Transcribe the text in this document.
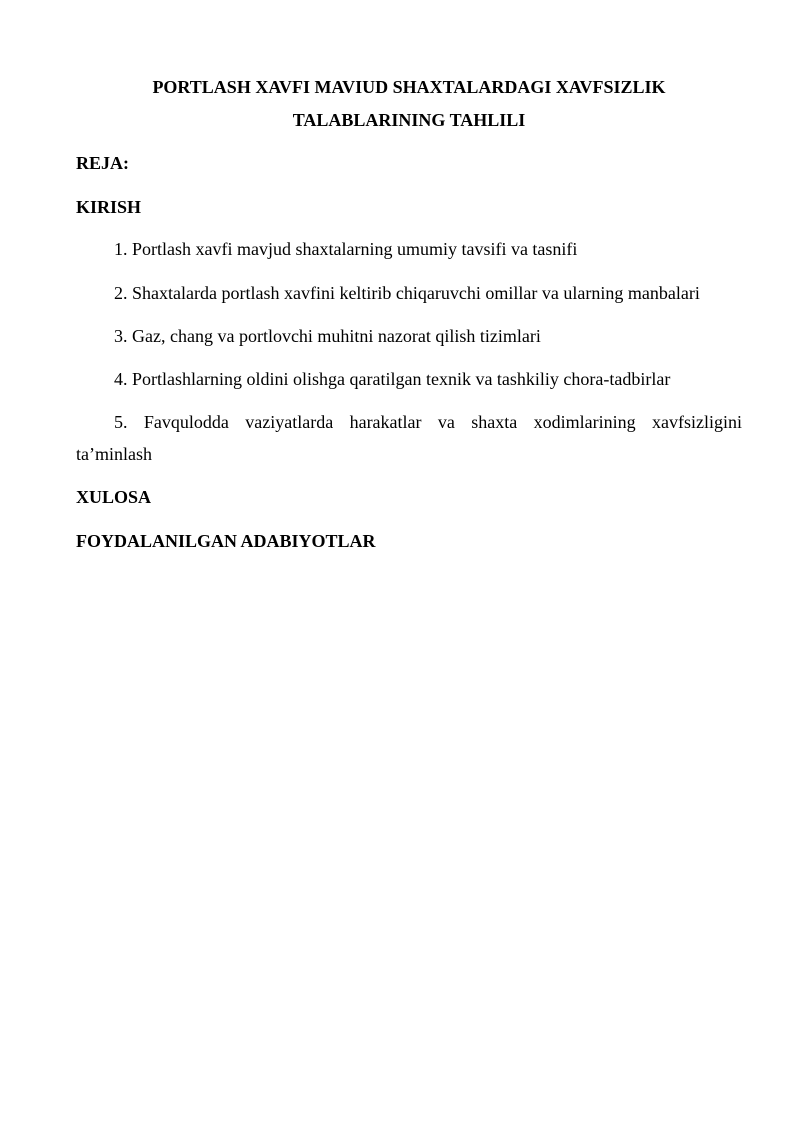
PORTLASH XAVFI MAVIUD SHAXTALARDAGI XAVFSIZLIK

TALABLARINING TAHLILI

REJA:

KIRISH

1. Portlash xavfi mavjud shaxtalarning umumiy tavsifi va tasnifi

2. Shaxtalarda portlash xavfini keltirib chiqaruvchi omillar va ularning manbalari

3. Gaz, chang va portlovchi muhitni nazorat qilish tizimlari

4. Portlashlarning oldini olishga qaratilgan texnik va tashkiliy chora-tadbirlar

5. Favqulodda vaziyatlarda harakatlar va shaxta xodimlarining xavfsizligini
ta’minlash

XULOSA

FOYDALANILGAN ADABIYOTLAR
